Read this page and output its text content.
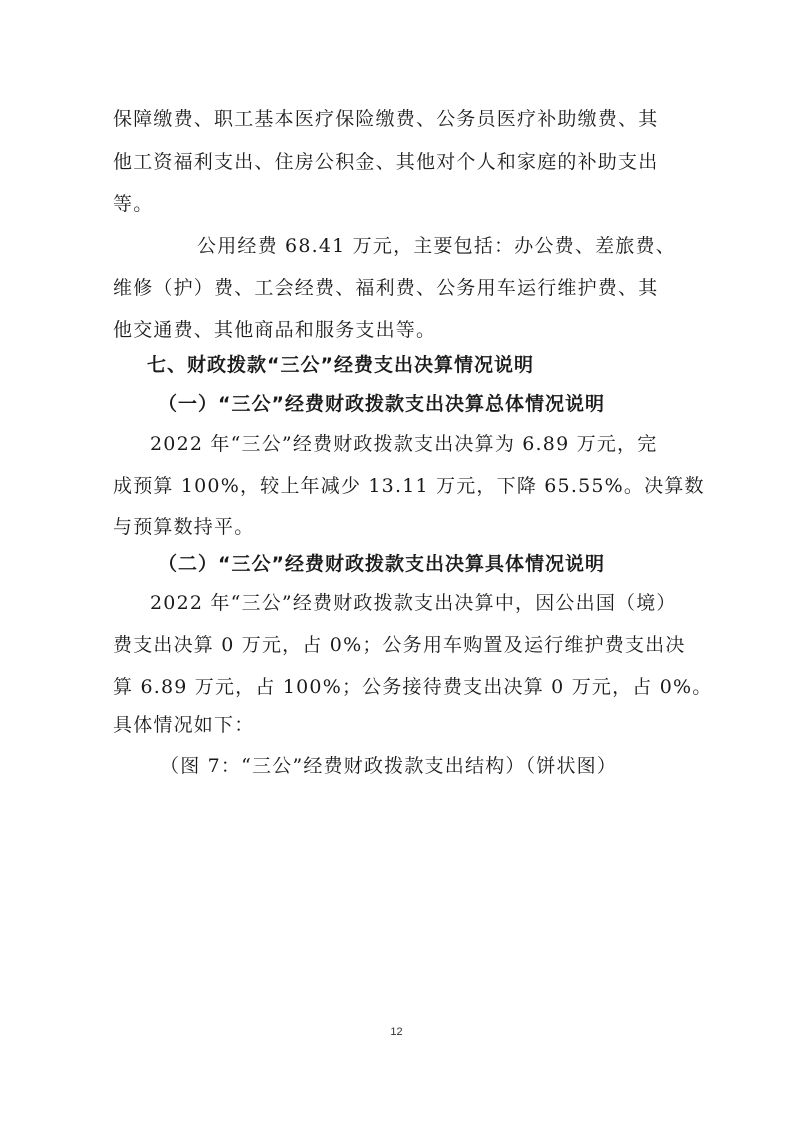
保障缴费、职工基本医疗保险缴费、公务员医疗补助缴费、其
他工资福利支出、住房公积金、其他对个人和家庭的补助支出
等。
公用经费 68.41 万元，主要包括：办公费、差旅费、
维修（护）费、工会经费、福利费、公务用车运行维护费、其
他交通费、其他商品和服务支出等。
七、财政拨款“三公”经费支出决算情况说明
（一）“三公”经费财政拨款支出决算总体情况说明
2022 年“三公”经费财政拨款支出决算为 6.89 万元，完
成预算 100%，较上年减少 13.11 万元，下降 65.55%。决算数
与预算数持平。
（二）“三公”经费财政拨款支出决算具体情况说明
2022 年“三公”经费财政拨款支出决算中，因公出国（境）
费支出决算 0 万元，占 0%；公务用车购置及运行维护费支出决
算 6.89 万元，占 100%；公务接待费支出决算 0 万元，占 0%。
具体情况如下：
（图 7：“三公”经费财政拨款支出结构）（饼状图）
12
